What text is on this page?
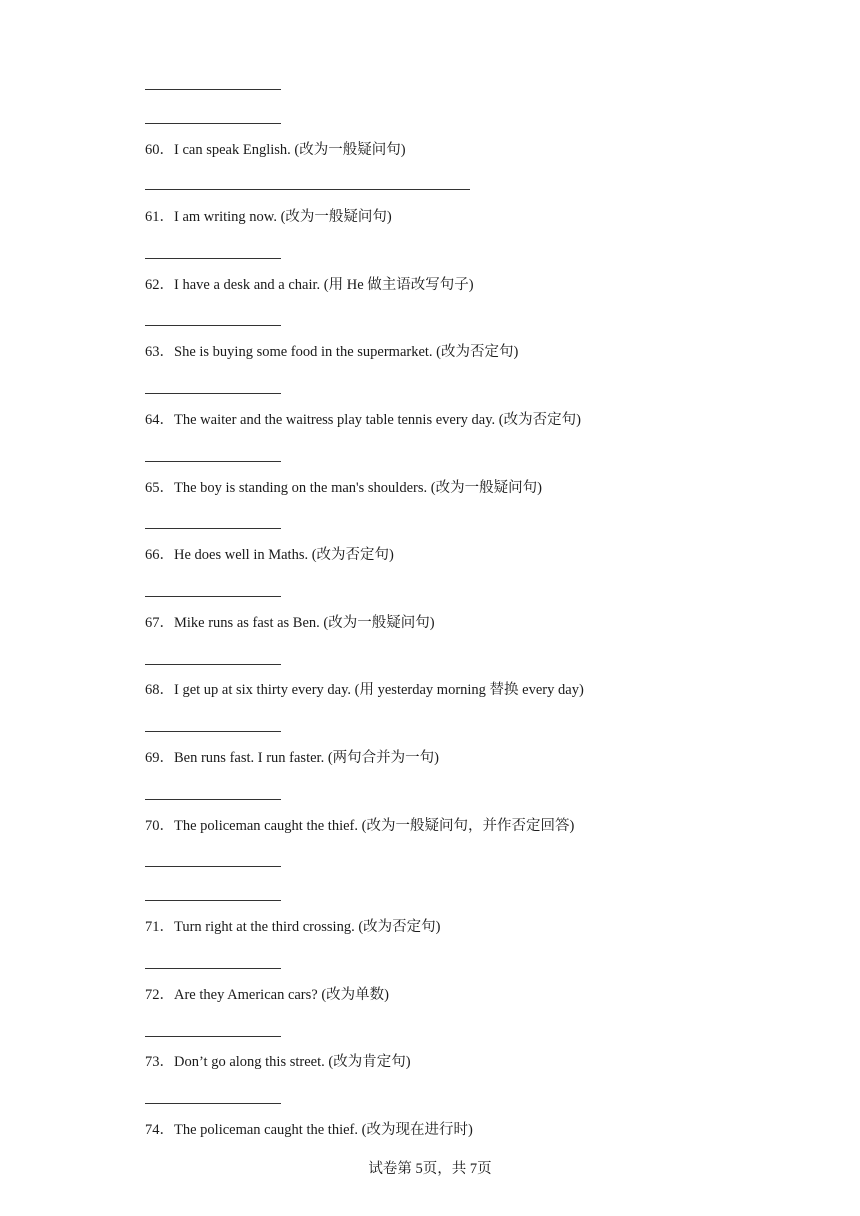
60．I can speak English. (改为一般疑问句)
61．I am writing now. (改为一般疑问句)
62．I have a desk and a chair. (用 He 做主语改写句子)
63．She is buying some food in the supermarket. (改为否定句)
64．The waiter and the waitress play table tennis every day. (改为否定句)
65．The boy is standing on the man's shoulders. (改为一般疑问句)
66．He does well in Maths. (改为否定句)
67．Mike runs as fast as Ben. (改为一般疑问句)
68．I get up at six thirty every day. (用 yesterday morning 替换 every day)
69．Ben runs fast. I run faster. (两句合并为一句)
70．The policeman caught the thief. (改为一般疑问句，并作否定回答)
71．Turn right at the third crossing. (改为否定句)
72．Are they American cars? (改为单数)
73．Don’t go along this street. (改为肯定句)
74．The policeman caught the thief. (改为现在进行时)
试卷第 5页，共 7页
